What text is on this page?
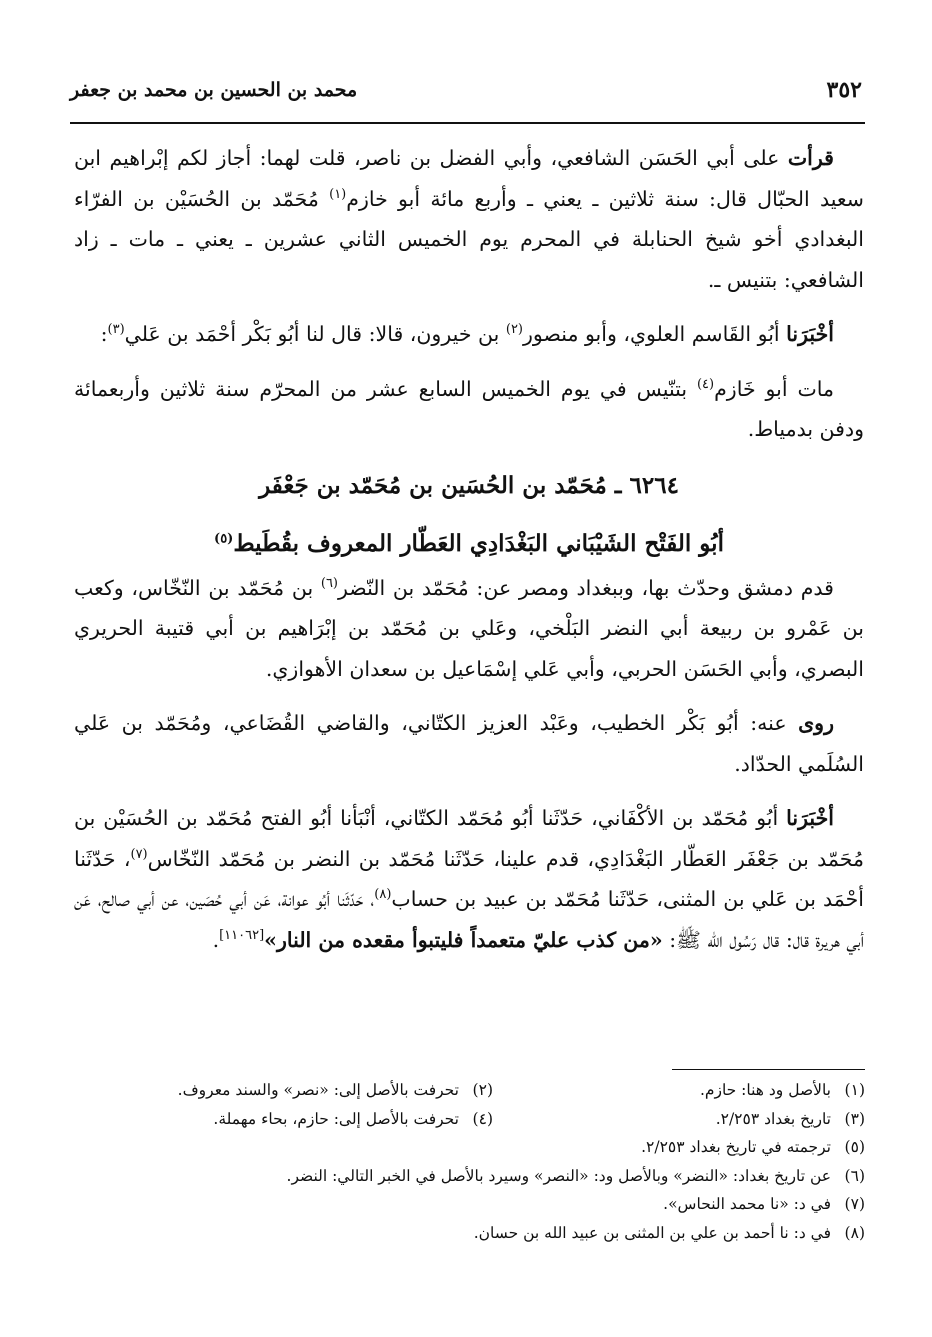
٣٥٢
محمد بن الحسين بن محمد بن جعفر

قرأت على أبي الحَسَن الشافعي، وأبي الفضل بن ناصر، قلت لهما: أجاز لكم إبْراهيم ابن سعيد الحبّال قال: سنة ثلاثين ـ يعني ـ وأربع مائة أبو خازم$^{(١)}$ مُحَمّد بن الحُسَيْن بن الفرّاء البغدادي أخو شيخ الحنابلة في المحرم يوم الخميس الثاني عشرين ـ يعني ـ مات ـ زاد الشافعي: بتنيس ـ.

أخْبَرَنا أبُو القَاسم العلوي، وأبو منصور$^{(٢)}$ بن خيرون، قالا: قال لنا أبُو بَكْر أحْمَد بن عَلي$^{(٣)}$:

مات أبو خَازم$^{(٤)}$ بتنّيس في يوم الخميس السابع عشر من المحرّم سنة ثلاثين وأربعمائة ودفن بدمياط.

٦٢٦٤ ـ مُحَمّد بن الحُسَين بن مُحَمّد بن جَعْفَر

أبُو الفَتْح الشَيْبَاني البَغْدَادِي العَطّار المعروف بقُطَيط$^{(٥)}$

قدم دمشق وحدّث بها، وببغداد ومصر عن: مُحَمّد بن النّضر$^{(٦)}$ بن مُحَمّد بن النّخّاس، وكعب بن عَمْرو بن ربيعة أبي النضر البَلْخي، وعَلي بن مُحَمّد بن إبْرَاهيم بن أبي قتيبة الحريري البصري، وأبي الحَسَن الحربي، وأبي عَلي إسْمَاعيل بن سعدان الأهوازي.

روى عنه: أبُو بَكْر الخطيب، وعَبْد العزيز الكتّاني، والقاضي القُضَاعي، ومُحَمّد بن عَلي السُلَمي الحدّاد.

أخْبَرَنا أبُو مُحَمّد بن الأكْفَاني، حَدّثَنا أبُو مُحَمّد الكتّاني، أنْبَأنا أبُو الفتح مُحَمّد بن الحُسَيْن بن مُحَمّد بن جَعْفَر العَطّار البَغْدَادِي، قدم علينا، حَدّثَنا مُحَمّد بن النضر بن مُحَمّد النّخّاس$^{(٧)}$، حَدّثَنا أحْمَد بن عَلي بن المثنى، حَدّثَنا مُحَمّد بن عبيد بن حساب$^{(٨)}$، حَدّثَنا أبُو عوانة، عَن أبي حُصَين، عن أبي صالح، عَن أبي هريرة قال: قال رَسُول الله ﷺ: «من كذب عليّ متعمداً فليتبوأ مقعده من النار»[١١٠٦٢].

(١)
بالأصل ود هنا: حازم.
(٢)
تحرفت بالأصل إلى: «نصر» والسند معروف.
(٣)
تاريخ بغداد ٢/٢٥٣.
(٤)
تحرفت بالأصل إلى: حازم، بحاء مهملة.
(٥)
ترجمته في تاريخ بغداد ٢/٢٥٣.
(٦)
عن تاريخ بغداد: «النضر» وبالأصل ود: «النصر» وسيرد بالأصل في الخبر التالي: النضر.
(٧)
في د: «نا محمد النحاس».
(٨)
في د: نا أحمد بن علي بن المثنى بن عبيد الله بن حسان.
